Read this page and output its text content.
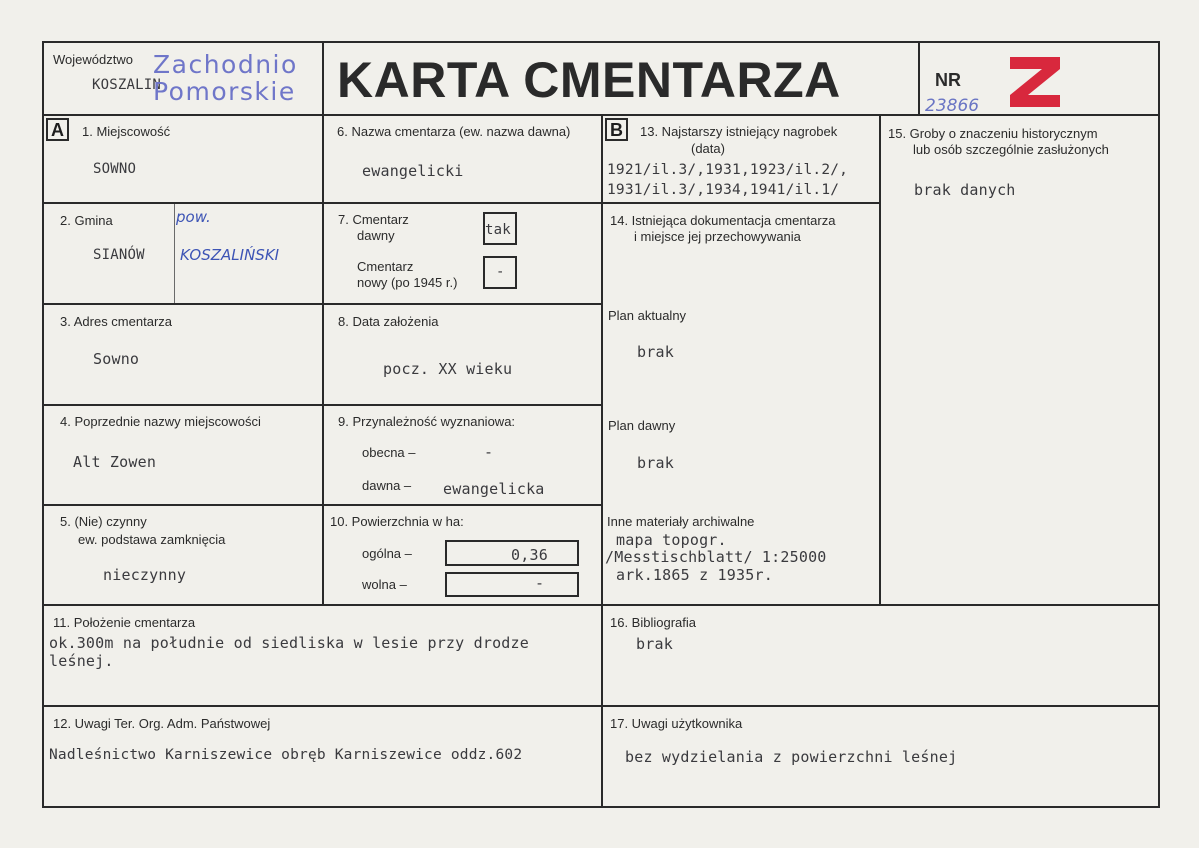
Województwo
KOSZALIN
Zachodnio
Pomorskie KARTA CMENTARZA	NR
23866
A	B
1. Miejscowość
SOWNO
2. Gmina
SIANÓW
pow.
KOSZALIŃSKI
3. Adres cmentarza
Sowno
4. Poprzednie nazwy miejscowości
Alt Zowen
5. (Nie) czynny
ew. podstawa zamknięcia
nieczynny
6. Nazwa cmentarza (ew. nazwa dawna)
ewangelicki
7. Cmentarz
dawny	tak
Cmentarz
nowy (po 1945 r.)
-
8. Data założenia
pocz. XX wieku
9. Przynależność wyznaniowa:
obecna –	-
dawna – ewangelicka
10. Powierzchnia w ha:
ogólna –	0,36
wolna –	-
13. Najstarszy istniejący nagrobek
(data)
1921/il.3/,1931,1923/il.2/,
1931/il.3/,1934,1941/il.1/
14. Istniejąca dokumentacja cmentarza
i miejsce jej przechowywania
Plan aktualny
brak
Plan dawny
brak
Inne materiały archiwalne
mapa topogr.
/Messtischblatt/ 1:25000
ark.1865 z 1935r.
15. Groby o znaczeniu historycznym
lub osób szczególnie zasłużonych
brak danych
11. Położenie cmentarza
ok.300m na południe od siedliska w lesie przy drodze
leśnej.
16. Bibliografia
brak
12. Uwagi Ter. Org. Adm. Państwowej
Nadleśnictwo Karniszewice obręb Karniszewice oddz.602
17. Uwagi użytkownika
bez wydzielania z powierzchni leśnej
